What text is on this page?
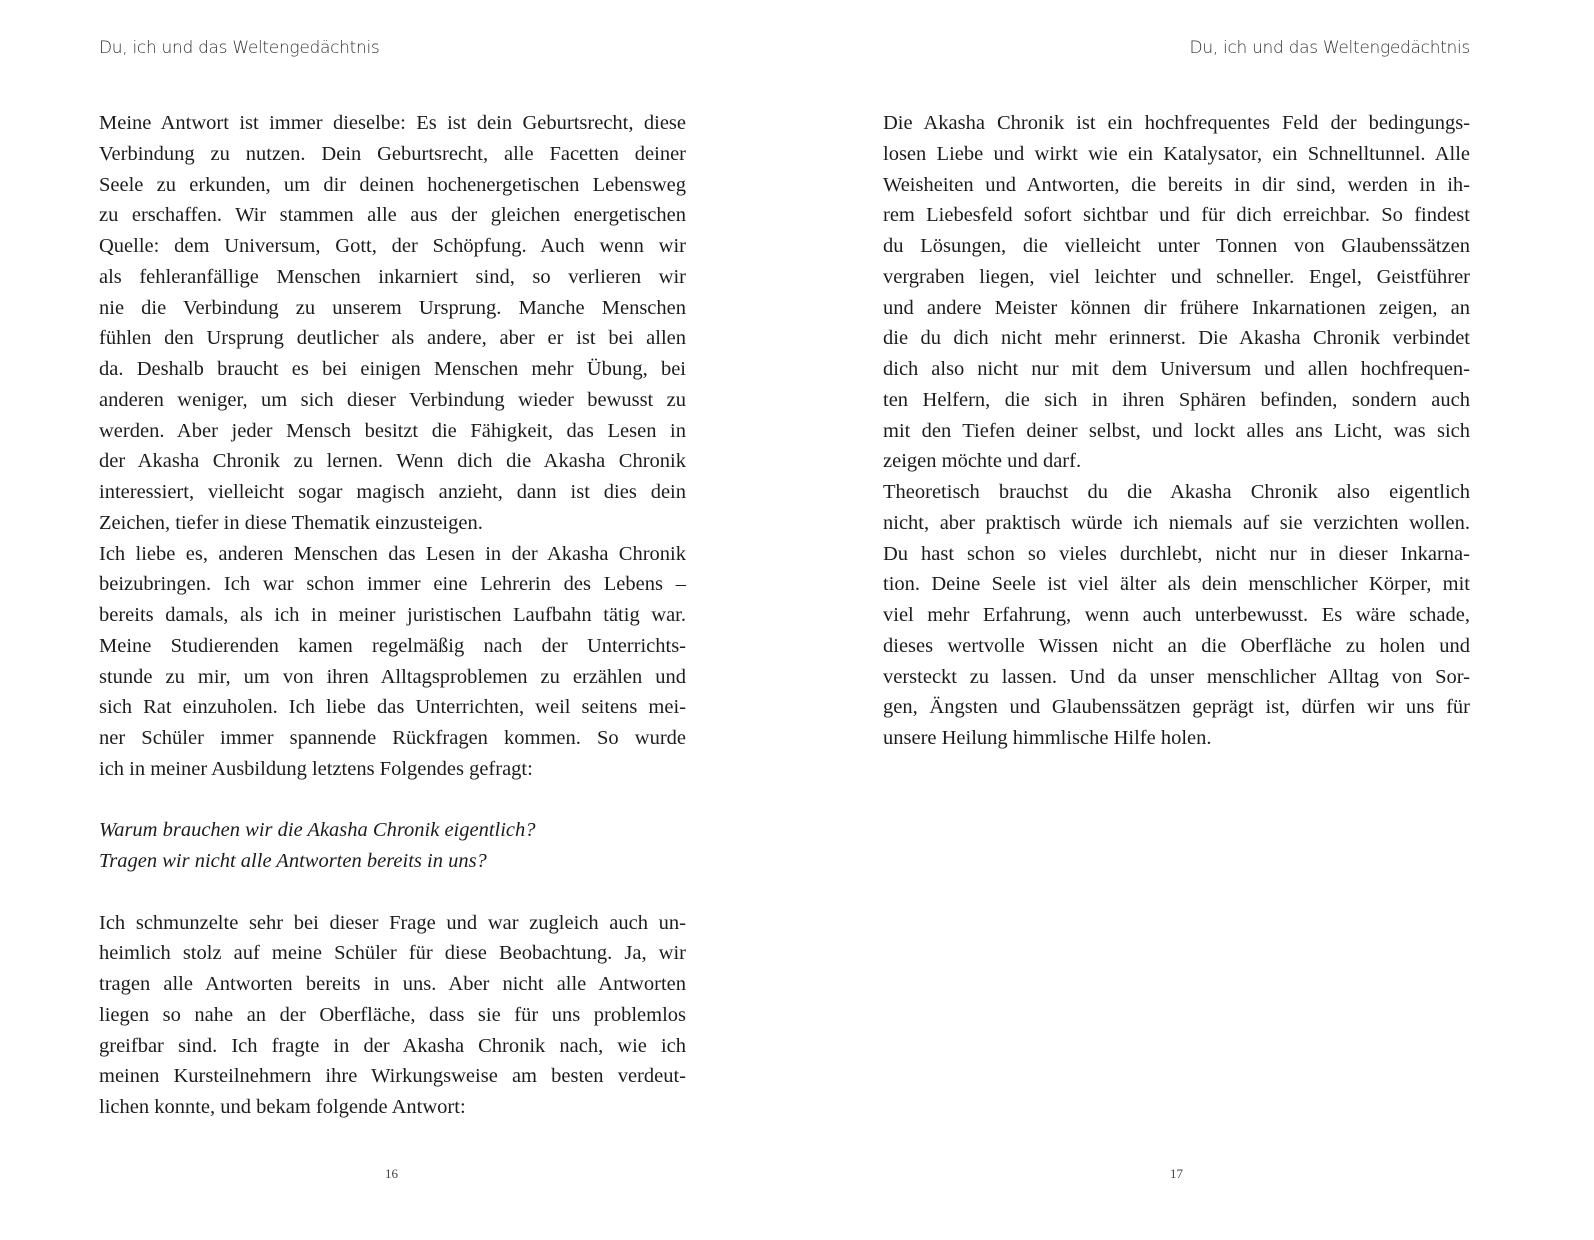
Du, ich und das Weltengedächtnis	Du, ich und das Weltengedächtnis
Meine Antwort ist immer dieselbe: Es ist dein Geburtsrecht, diese
Verbindung zu nutzen. Dein Geburtsrecht, alle Facetten deiner
Seele zu erkunden, um dir deinen hochenergetischen Lebensweg
zu erschaffen. Wir stammen alle aus der gleichen energetischen
Quelle: dem Universum, Gott, der Schöpfung. Auch wenn wir
als fehleranfällige Menschen inkarniert sind, so verlieren wir
nie die Verbindung zu unserem Ursprung. Manche Menschen
fühlen den Ursprung deutlicher als andere, aber er ist bei allen
da. Deshalb braucht es bei einigen Menschen mehr Übung, bei
anderen weniger, um sich dieser Verbindung wieder bewusst zu
werden. Aber jeder Mensch besitzt die Fähigkeit, das Lesen in
der Akasha Chronik zu lernen. Wenn dich die Akasha Chronik
interessiert, vielleicht sogar magisch anzieht, dann ist dies dein
Zeichen, tiefer in diese Thematik einzusteigen.
Ich liebe es, anderen Menschen das Lesen in der Akasha Chronik
beizubringen. Ich war schon immer eine Lehrerin des Lebens –
bereits damals, als ich in meiner juristischen Laufbahn tätig war.
Meine Studierenden kamen regelmäßig nach der Unterrichts-
stunde zu mir, um von ihren Alltagsproblemen zu erzählen und
sich Rat einzuholen. Ich liebe das Unterrichten, weil seitens mei-
ner Schüler immer spannende Rückfragen kommen. So wurde
ich in meiner Ausbildung letztens Folgendes gefragt:
Warum brauchen wir die Akasha Chronik eigentlich?
Tragen wir nicht alle Antworten bereits in uns?
Ich schmunzelte sehr bei dieser Frage und war zugleich auch un-
heimlich stolz auf meine Schüler für diese Beobachtung. Ja, wir
tragen alle Antworten bereits in uns. Aber nicht alle Antworten
liegen so nahe an der Oberfläche, dass sie für uns problemlos
greifbar sind. Ich fragte in der Akasha Chronik nach, wie ich
meinen Kursteilnehmern ihre Wirkungsweise am besten verdeut-
lichen konnte, und bekam folgende Antwort:
Die Akasha Chronik ist ein hochfrequentes Feld der bedingungs-
losen Liebe und wirkt wie ein Katalysator, ein Schnelltunnel. Alle
Weisheiten und Antworten, die bereits in dir sind, werden in ih-
rem Liebesfeld sofort sichtbar und für dich erreichbar. So findest
du Lösungen, die vielleicht unter Tonnen von Glaubenssätzen
vergraben liegen, viel leichter und schneller. Engel, Geistführer
und andere Meister können dir frühere Inkarnationen zeigen, an
die du dich nicht mehr erinnerst. Die Akasha Chronik verbindet
dich also nicht nur mit dem Universum und allen hochfrequen-
ten Helfern, die sich in ihren Sphären befinden, sondern auch
mit den Tiefen deiner selbst, und lockt alles ans Licht, was sich
zeigen möchte und darf.
Theoretisch brauchst du die Akasha Chronik also eigentlich
nicht, aber praktisch würde ich niemals auf sie verzichten wollen.
Du hast schon so vieles durchlebt, nicht nur in dieser Inkarna-
tion. Deine Seele ist viel älter als dein menschlicher Körper, mit
viel mehr Erfahrung, wenn auch unterbewusst. Es wäre schade,
dieses wertvolle Wissen nicht an die Oberfläche zu holen und
versteckt zu lassen. Und da unser menschlicher Alltag von Sor-
gen, Ängsten und Glaubenssätzen geprägt ist, dürfen wir uns für
unsere Heilung himmlische Hilfe holen.
16	17
